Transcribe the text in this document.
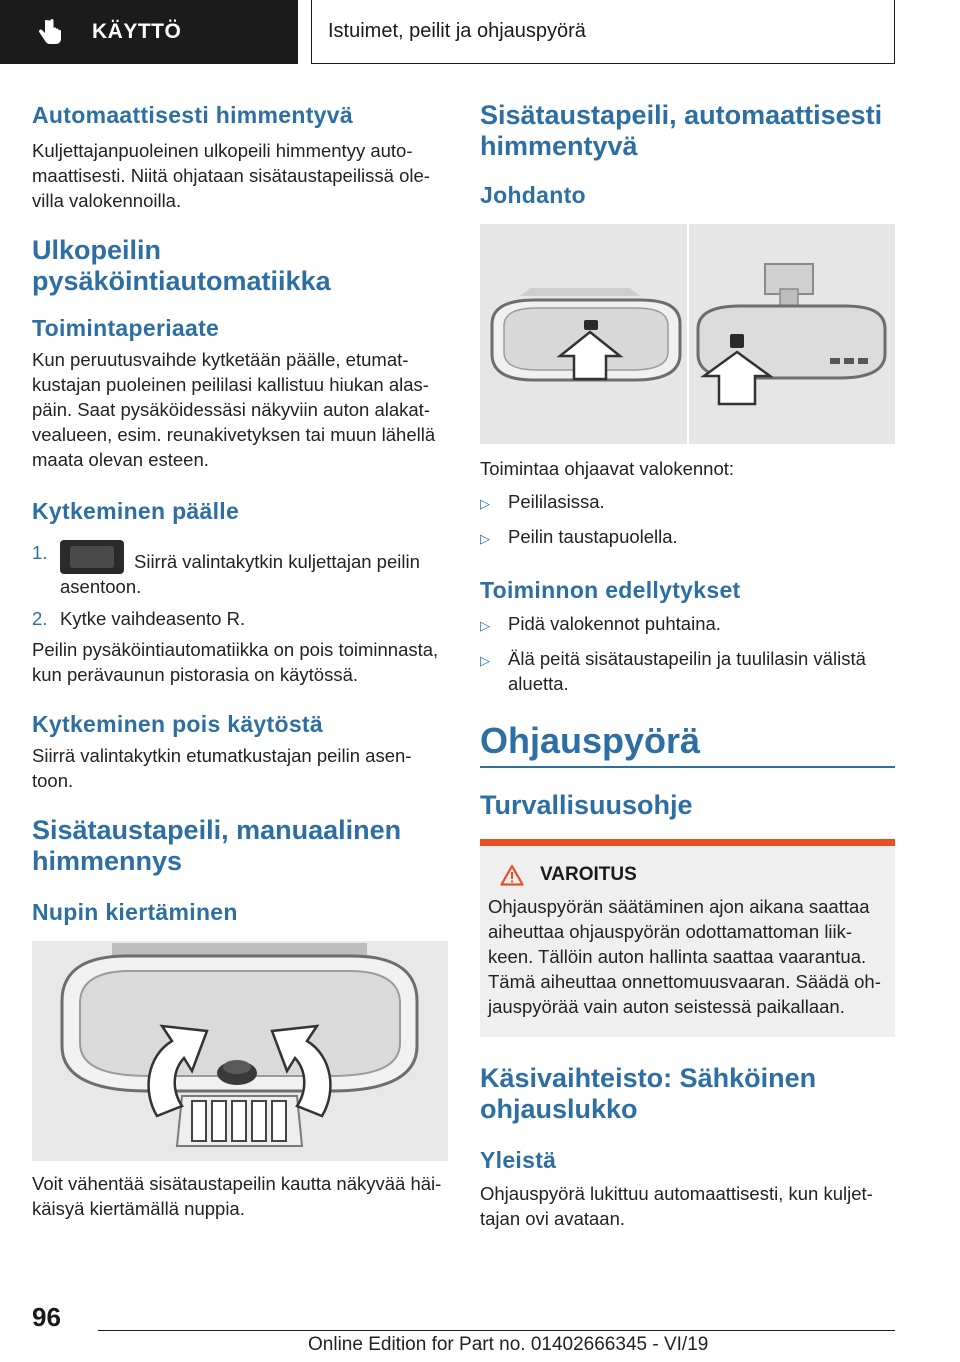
KÄYTTÖ	Istuimet, peilit ja ohjauspyörä
Automaattisesti himmentyvä
Kuljettajanpuoleinen ulkopeili himmentyy auto- maattisesti. Niitä ohjataan sisätaustapeilissä ole- villa valokennoilla.
Ulkopeilin pysäköintiautomatiikka
Toimintaperiaate
Kun peruutusvaihde kytketään päälle, etumat- kustajan puoleinen peililasi kallistuu hiukan alas- päin. Saat pysäköidessäsi näkyviin auton alakat- vealueen, esim. reunakivetyksen tai muun lähellä maata olevan esteen.
Kytkeminen päälle
1.	Siirrä valintakytkin kuljettajan peilin asentoon.
2. Kytke vaihdeasento R.
Peilin pysäköintiautomatiikka on pois toiminnasta, kun perävaunun pistorasia on käytössä.
Kytkeminen pois käytöstä
Siirrä valintakytkin etumatkustajan peilin asen- toon.
Sisätaustapeili, manuaalinen himmennys
Nupin kiertäminen
Voit vähentää sisätaustapeilin kautta näkyvää häi- käisyä kiertämällä nuppia.
Sisätaustapeili, automaattisesti himmentyvä
Johdanto
Toimintaa ohjaavat valokennot:
▷ Peililasissa.
▷ Peilin taustapuolella.
Toiminnon edellytykset
▷ Pidä valokennot puhtaina.
▷ Älä peitä sisätaustapeilin ja tuulilasin välistä aluetta.
Ohjauspyörä
Turvallisuusohje
VAROITUS
Ohjauspyörän säätäminen ajon aikana saattaa aiheuttaa ohjauspyörän odottamattoman liik- keen. Tällöin auton hallinta saattaa vaarantua. Tämä aiheuttaa onnettomuusvaaran. Säädä oh- jauspyörää vain auton seistessä paikallaan.
Käsivaihteisto: Sähköinen ohjauslukko
Yleistä
Ohjauspyörä lukittuu automaattisesti, kun kuljet- tajan ovi avataan.
96
Online Edition for Part no. 01402666345 - VI/19
